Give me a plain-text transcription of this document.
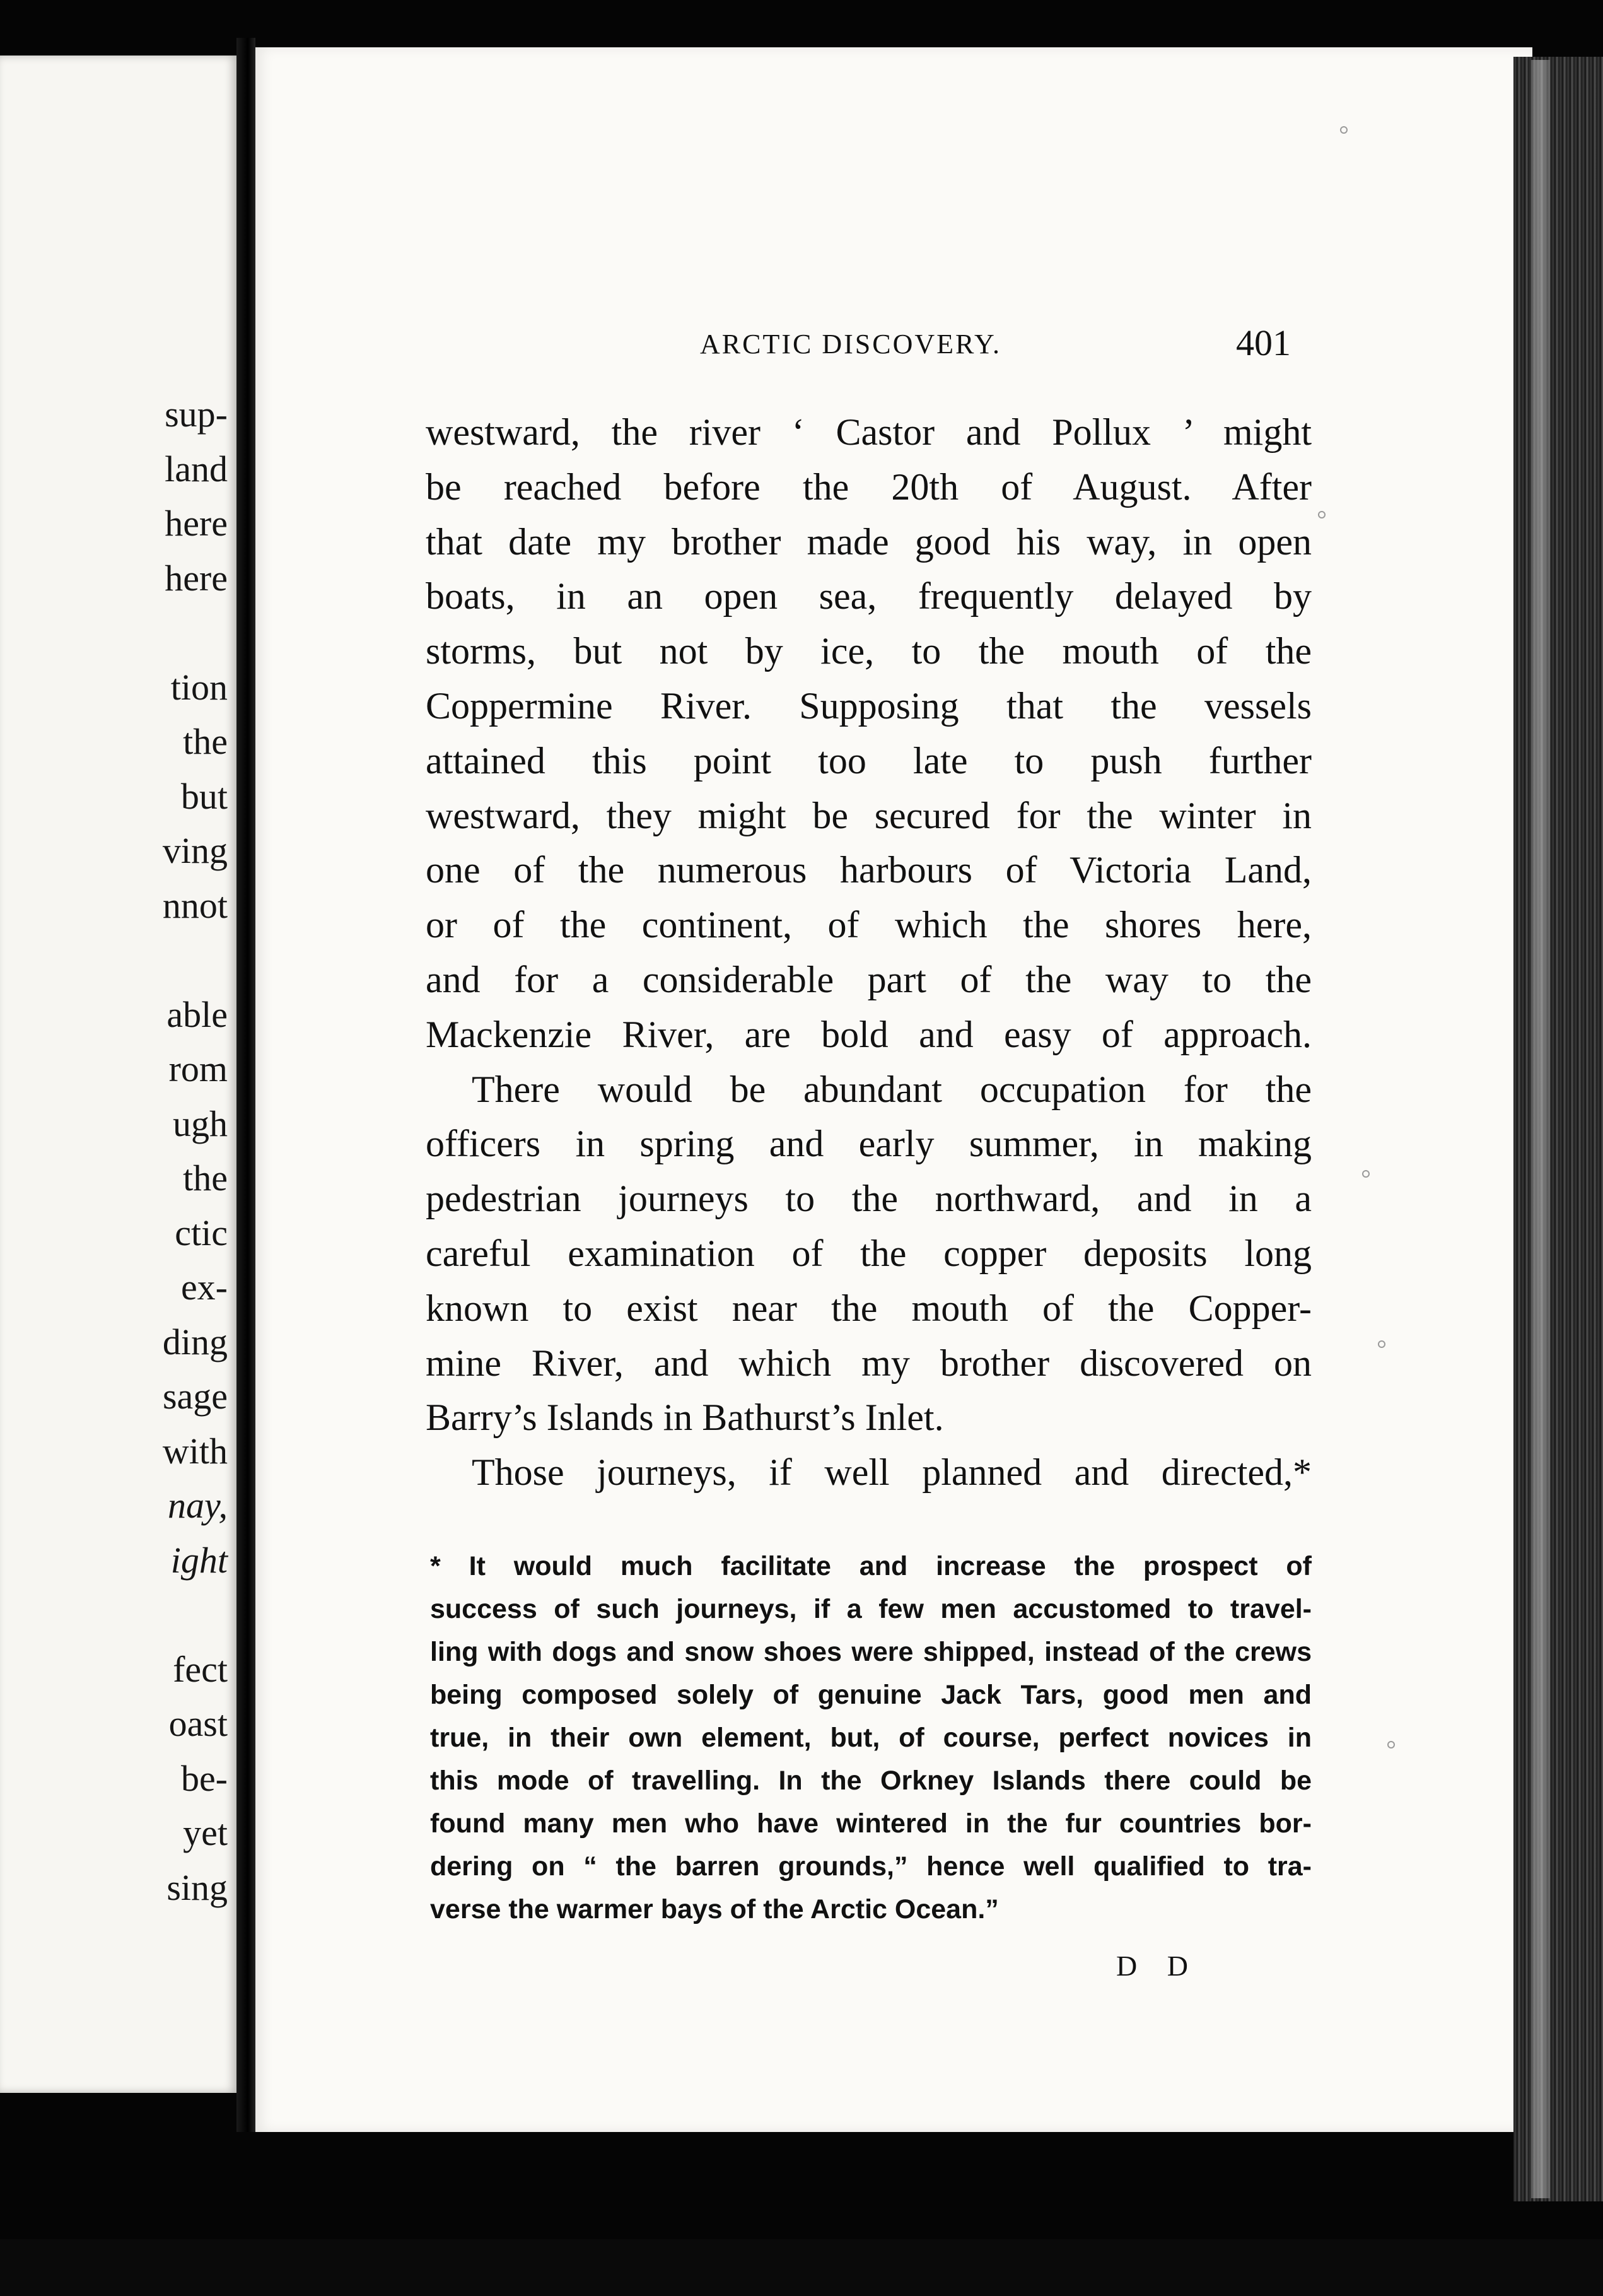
sup-
land
here
here
tion
the
but
ving
nnot
able
rom
ugh
the
ctic
ex-
ding
sage
with
nay,
ight
fect
oast
be-
yet
sing
ARCTIC DISCOVERY.	401
westward, the river ‘ Castor and Pollux ’ might
be reached before the 20th of August. After
that date my brother made good his way, in open
boats, in an open sea, frequently delayed by
storms, but not by ice, to the mouth of the
Coppermine River. Supposing that the vessels
attained this point too late to push further
westward, they might be secured for the winter in
one of the numerous harbours of Victoria Land,
or of the continent, of which the shores here,
and for a considerable part of the way to the
Mackenzie River, are bold and easy of approach.
There would be abundant occupation for the
officers in spring and early summer, in making
pedestrian journeys to the northward, and in a
careful examination of the copper deposits long
known to exist near the mouth of the Copper-
mine River, and which my brother discovered on
Barry’s Islands in Bathurst’s Inlet.
Those journeys, if well planned and directed,*
* It would much facilitate and increase the prospect of
success of such journeys, if a few men accustomed to travel-
ling with dogs and snow shoes were shipped, instead of the crews
being composed solely of genuine Jack Tars, good men and
true, in their own element, but, of course, perfect novices in
this mode of travelling. In the Orkney Islands there could be
found many men who have wintered in the fur countries bor-
dering on “ the barren grounds,” hence well qualified to tra-
verse the warmer bays of the Arctic Ocean.”
D D
